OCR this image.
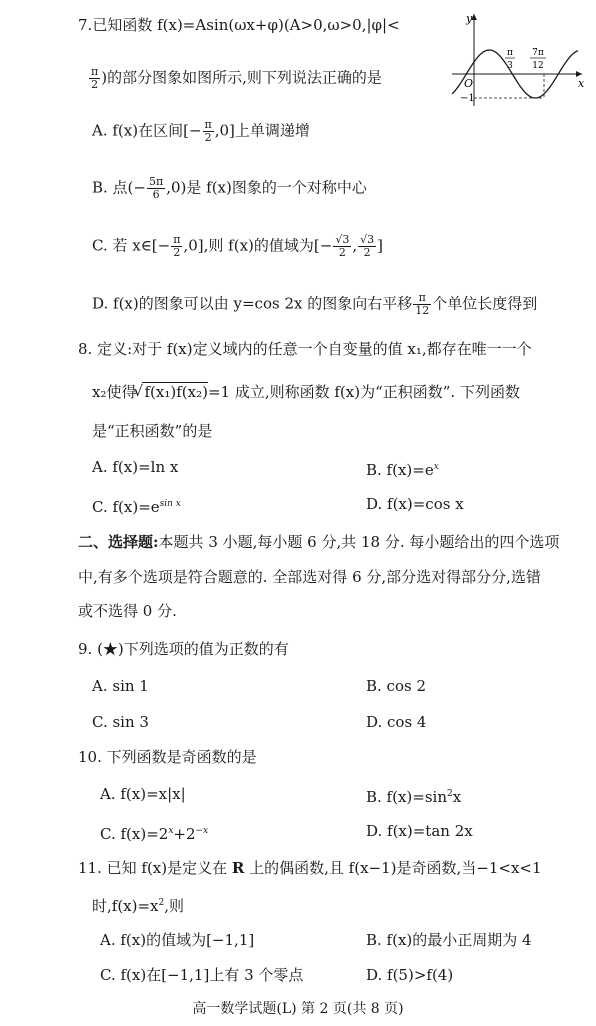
7.已知函数 f(x)=Asin(ωx+φ)(A>0,ω>0,|φ|<
$\frac{\pi}{2}$ )的部分图象如图所示,则下列说法正确的是
y
x
O
−1
π
3
7π
12
A. f(x)在区间[− $\frac{\pi}{2} ,0$]上单调递增
B. 点(− $\frac{5\pi}{6} ,0$)是 f(x)图象的一个对称中心
C. 若 x∈[− $\frac{\pi}{2} ,0$],则 f(x)的值域为[− $\frac{√3}{2}$ , $\frac{√3}{2}$ ]
D. f(x)的图象可以由 y=cos 2x 的图象向右平移 $\frac{\pi}{12}$ 个单位长度得到
8. 定义:对于 f(x)定义域内的任意一个自变量的值 x₁,都存在唯一一个
x₂使得
√ f(x₁)f(x₂)=1 成立,则称函数 f(x)为“正积函数”. 下列函数
是“正积函数”的是
A. f(x)=ln x	B. $f(x)=e^x$
C. $f(x)=e^{sin x}$	D. f(x)=cos x
二、选择题:本题共 3 小题,每小题 6 分,共 18 分. 每小题给出的四个选项
中,有多个选项是符合题意的. 全部选对得 6 分,部分选对得部分分,选错
或不选得 0 分.
9. (★)下列选项的值为正数的有
A. sin 1	B. cos 2
C. sin 3	D. cos 4
10. 下列函数是奇函数的是
A. f(x)=x|x|	B. $f(x)=\sin^2x$
C. $f(x)=2^x+2^{-x}$	D. f(x)=tan 2x
11. 已知 f(x)是定义在 R 上的偶函数,且 f(x−1)是奇函数,当−1<x<1
时$,f(x)=x^2$,则
A. f(x)的值域为[−1,1]	B. f(x)的最小正周期为 4
C. f(x)在[−1,1]上有 3 个零点	D. f(5)>f(4)
高一数学试题(L) 第 2 页(共 8 页)
